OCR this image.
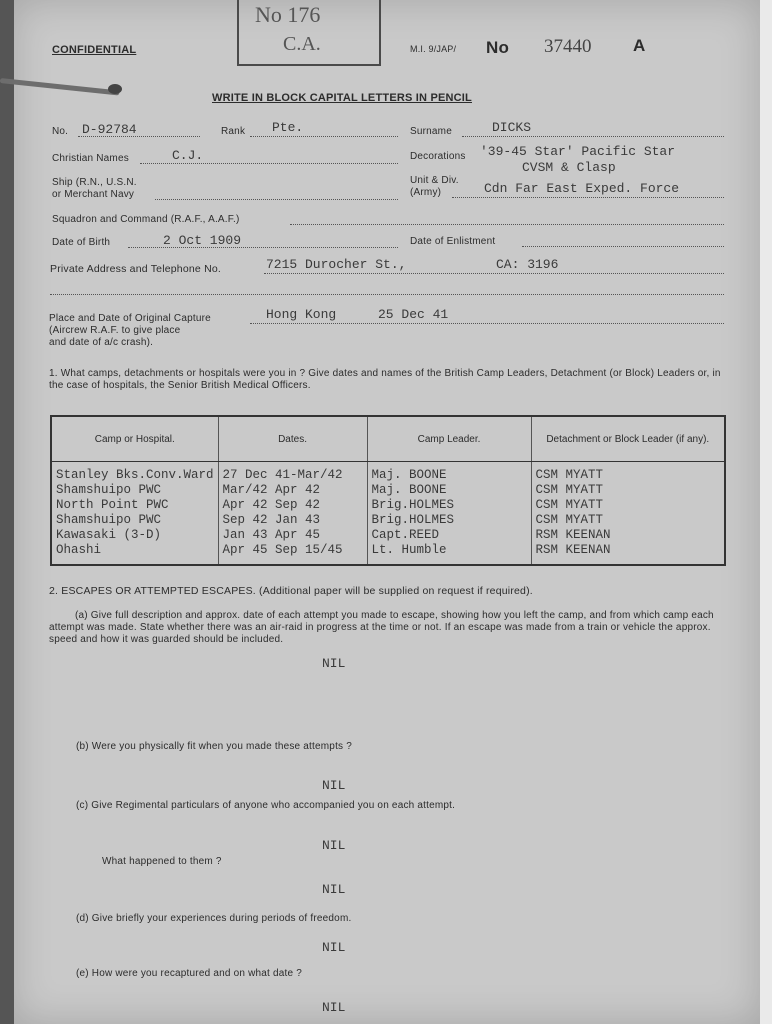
CONFIDENTIAL
No 176
C.A.	M.I. 9/JAP/ No 37440 A
WRITE IN BLOCK CAPITAL LETTERS IN PENCIL
No. D-92784	Rank Pte.	Surname	DICKS
Christian Names	C.J.	Decorations '39-45 Star' Pacific Star
CVSM & Clasp
Ship (R.N., U.S.N.
or Merchant Navy
Unit & Div.
(Army)	Cdn Far East Exped. Force
Squadron and Command (R.A.F., A.A.F.)
Date of Birth	2 Oct 1909	Date of Enlistment
Private Address and Telephone No.	7215 Durocher St.,	CA: 3196
Place and Date of Original Capture
(Aircrew R.A.F. to give place
and date of a/c crash).
Hong Kong	25 Dec 41
1. What camps, detachments or hospitals were you in ? Give dates and names of the British Camp Leaders, Detachment (or Block) Leaders or, in the case of hospitals, the Senior British Medical Officers.
Camp or Hospital.	Dates.	Camp Leader.	Detachment or Block Leader (if any).

Stanley Bks.Conv.Ward	27 Dec 41-Mar/42	Maj. BOONE	CSM MYATT
Shamshuipo PWC	Mar/42 Apr 42	Maj. BOONE	CSM MYATT
North Point PWC	Apr 42 Sep 42	Brig.HOLMES	CSM MYATT
Shamshuipo PWC	Sep 42 Jan 43	Brig.HOLMES	CSM MYATT
Kawasaki (3-D)	Jan 43 Apr 45	Capt.REED	RSM KEENAN
Ohashi	Apr 45 Sep 15/45	Lt. Humble	RSM KEENAN

2. ESCAPES OR ATTEMPTED ESCAPES. (Additional paper will be supplied on request if required).
(a) Give full description and approx. date of each attempt you made to escape, showing how you left the camp, and from which camp each attempt was made. State whether there was an air-raid in progress at the time or not. If an escape was made from a train or vehicle the approx. speed and how it was guarded should be included.
NIL
(b) Were you physically fit when you made these attempts ?
NIL
(c) Give Regimental particulars of anyone who accompanied you on each attempt.
NIL
What happened to them ?
NIL
(d) Give briefly your experiences during periods of freedom.
NIL
(e) How were you recaptured and on what date ?
NIL
